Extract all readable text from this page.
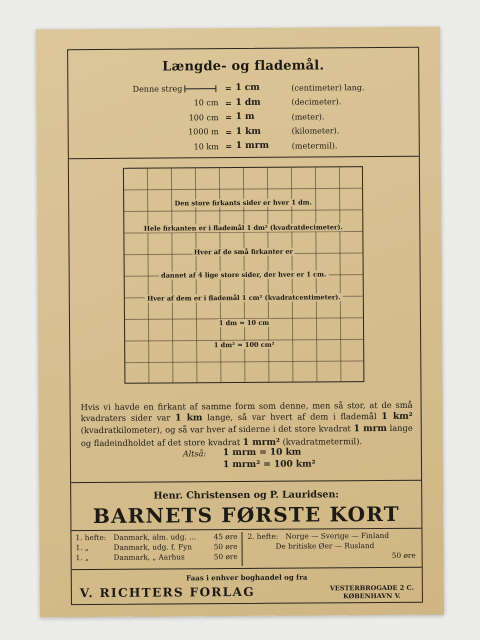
Længde- og flademål.
Denne streg	= 1 cm	(centimeter) lang.
10 cm = 1 dm	(decimeter).
100 cm = 1 m	(meter).
1000 m = 1 km	(kilometer).
10 km = 1 mrm	(metermil).
Den store firkants sider er hver 1 dm.
Hele firkanten er i flademål 1 dm² (kvadratdecimeter).
Hver af de små firkanter er
dannet af 4 lige store sider, der hver er 1 cm.
Hver af dem er i flademål 1 cm² (kvadratcentimeter).
1 dm = 10 cm
1 dm² = 100 cm²
Hvis vi havde en firkant af samme form som denne, men så stor, at de små kvadraters sider var 1 km lange, så var hvert af dem i flademål 1 km² (kvadratkilometer), og så var hver af siderne i det store kvadrat 1 mrm lange og fladeindholdet af det store kvadrat 1 mrm² (kvadratmetermil).
Altså:	1 mrm = 10 km
1 mrm² = 100 km²
Henr. Christensen og P. Lauridsen:
BARNETS FØRSTE KORT
1. hefte: Danmark, alm. udg. ...	45 øre
1. „	Danmark, udg. f. Fyn	50 øre
1. „	Danmark, „ Aarhus	50 øre
2. hefte: Norge — Sverige — Finland
De britiske Øer — Rusland
50 øre
Faas i enhver boghandel og fra
V. RICHTERS FORLAG	VESTERBROGADE 2 C.
KØBENHAVN V.
